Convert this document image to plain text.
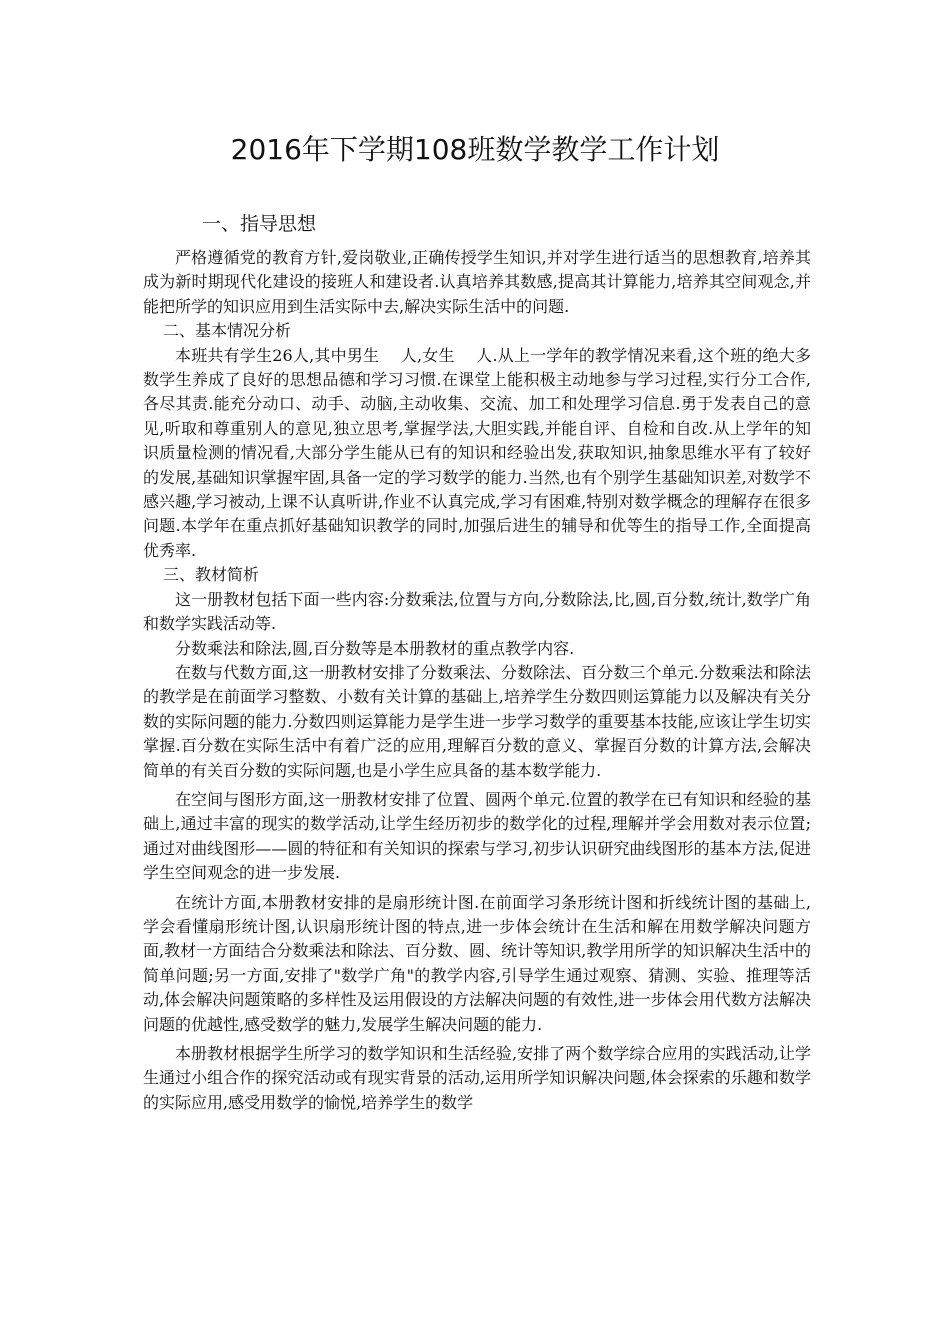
2016年下学期108班数学教学工作计划
一、指导思想

严格遵循党的教育方针,爱岗敬业,正确传授学生知识,并对学生进行适当的思想教育,培养其成为新时期现代化建设的接班人和建设者.认真培养其数感,提高其计算能力,培养其空间观念,并能把所学的知识应用到生活实际中去,解决实际生活中的问题.

二、基本情况分析

本班共有学生26人,其中男生　 人,女生　 人.从上一学年的教学情况来看,这个班的绝大多数学生养成了良好的思想品德和学习习惯.在课堂上能积极主动地参与学习过程,实行分工合作,各尽其责.能充分动口、动手、动脑,主动收集、交流、加工和处理学习信息.勇于发表自己的意见,听取和尊重别人的意见,独立思考,掌握学法,大胆实践,并能自评、自检和自改.从上学年的知识质量检测的情况看,大部分学生能从已有的知识和经验出发,获取知识,抽象思维水平有了较好的发展,基础知识掌握牢固,具备一定的学习数学的能力.当然,也有个别学生基础知识差,对数学不感兴趣,学习被动,上课不认真听讲,作业不认真完成,学习有困难,特别对数学概念的理解存在很多问题.本学年在重点抓好基础知识教学的同时,加强后进生的辅导和优等生的指导工作,全面提高优秀率.

三、教材简析

这一册教材包括下面一些内容:分数乘法,位置与方向,分数除法,比,圆,百分数,统计,数学广角和数学实践活动等.

分数乘法和除法,圆,百分数等是本册教材的重点教学内容.

在数与代数方面,这一册教材安排了分数乘法、分数除法、百分数三个单元.分数乘法和除法的教学是在前面学习整数、小数有关计算的基础上,培养学生分数四则运算能力以及解决有关分数的实际问题的能力.分数四则运算能力是学生进一步学习数学的重要基本技能,应该让学生切实掌握.百分数在实际生活中有着广泛的应用,理解百分数的意义、掌握百分数的计算方法,会解决简单的有关百分数的实际问题,也是小学生应具备的基本数学能力.

在空间与图形方面,这一册教材安排了位置、圆两个单元.位置的教学在已有知识和经验的基础上,通过丰富的现实的数学活动,让学生经历初步的数学化的过程,理解并学会用数对表示位置;通过对曲线图形——圆的特征和有关知识的探索与学习,初步认识研究曲线图形的基本方法,促进学生空间观念的进一步发展.

在统计方面,本册教材安排的是扇形统计图.在前面学习条形统计图和折线统计图的基础上,学会看懂扇形统计图,认识扇形统计图的特点,进一步体会统计在生活和解在用数学解决问题方面,教材一方面结合分数乘法和除法、百分数、圆、统计等知识,教学用所学的知识解决生活中的简单问题;另一方面,安排了"数学广角"的教学内容,引导学生通过观察、猜测、实验、推理等活动,体会解决问题策略的多样性及运用假设的方法解决问题的有效性,进一步体会用代数方法解决问题的优越性,感受数学的魅力,发展学生解决问题的能力.

本册教材根据学生所学习的数学知识和生活经验,安排了两个数学综合应用的实践活动,让学生通过小组合作的探究活动或有现实背景的活动,运用所学知识解决问题,体会探索的乐趣和数学的实际应用,感受用数学的愉悦,培养学生的数学
